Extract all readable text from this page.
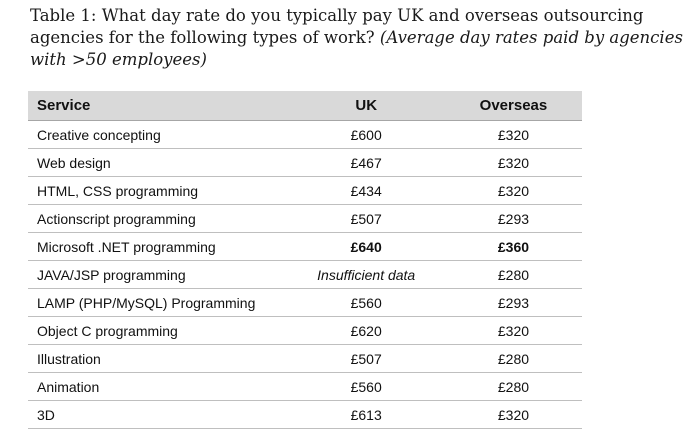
Table 1: What day rate do you typically pay UK and overseas outsourcing agencies for the following types of work? (Average day rates paid by agencies with >50 employees)
Service	UK	Overseas
Creative concepting	£600	£320
Web design	£467	£320
HTML, CSS programming	£434	£320
Actionscript programming	£507	£293
Microsoft .NET programming	£640	£360
JAVA/JSP programming	Insufficient data	£280
LAMP (PHP/MySQL) Programming	£560	£293
Object C programming	£620	£320
Illustration	£507	£280
Animation	£560	£280
3D	£613	£320
